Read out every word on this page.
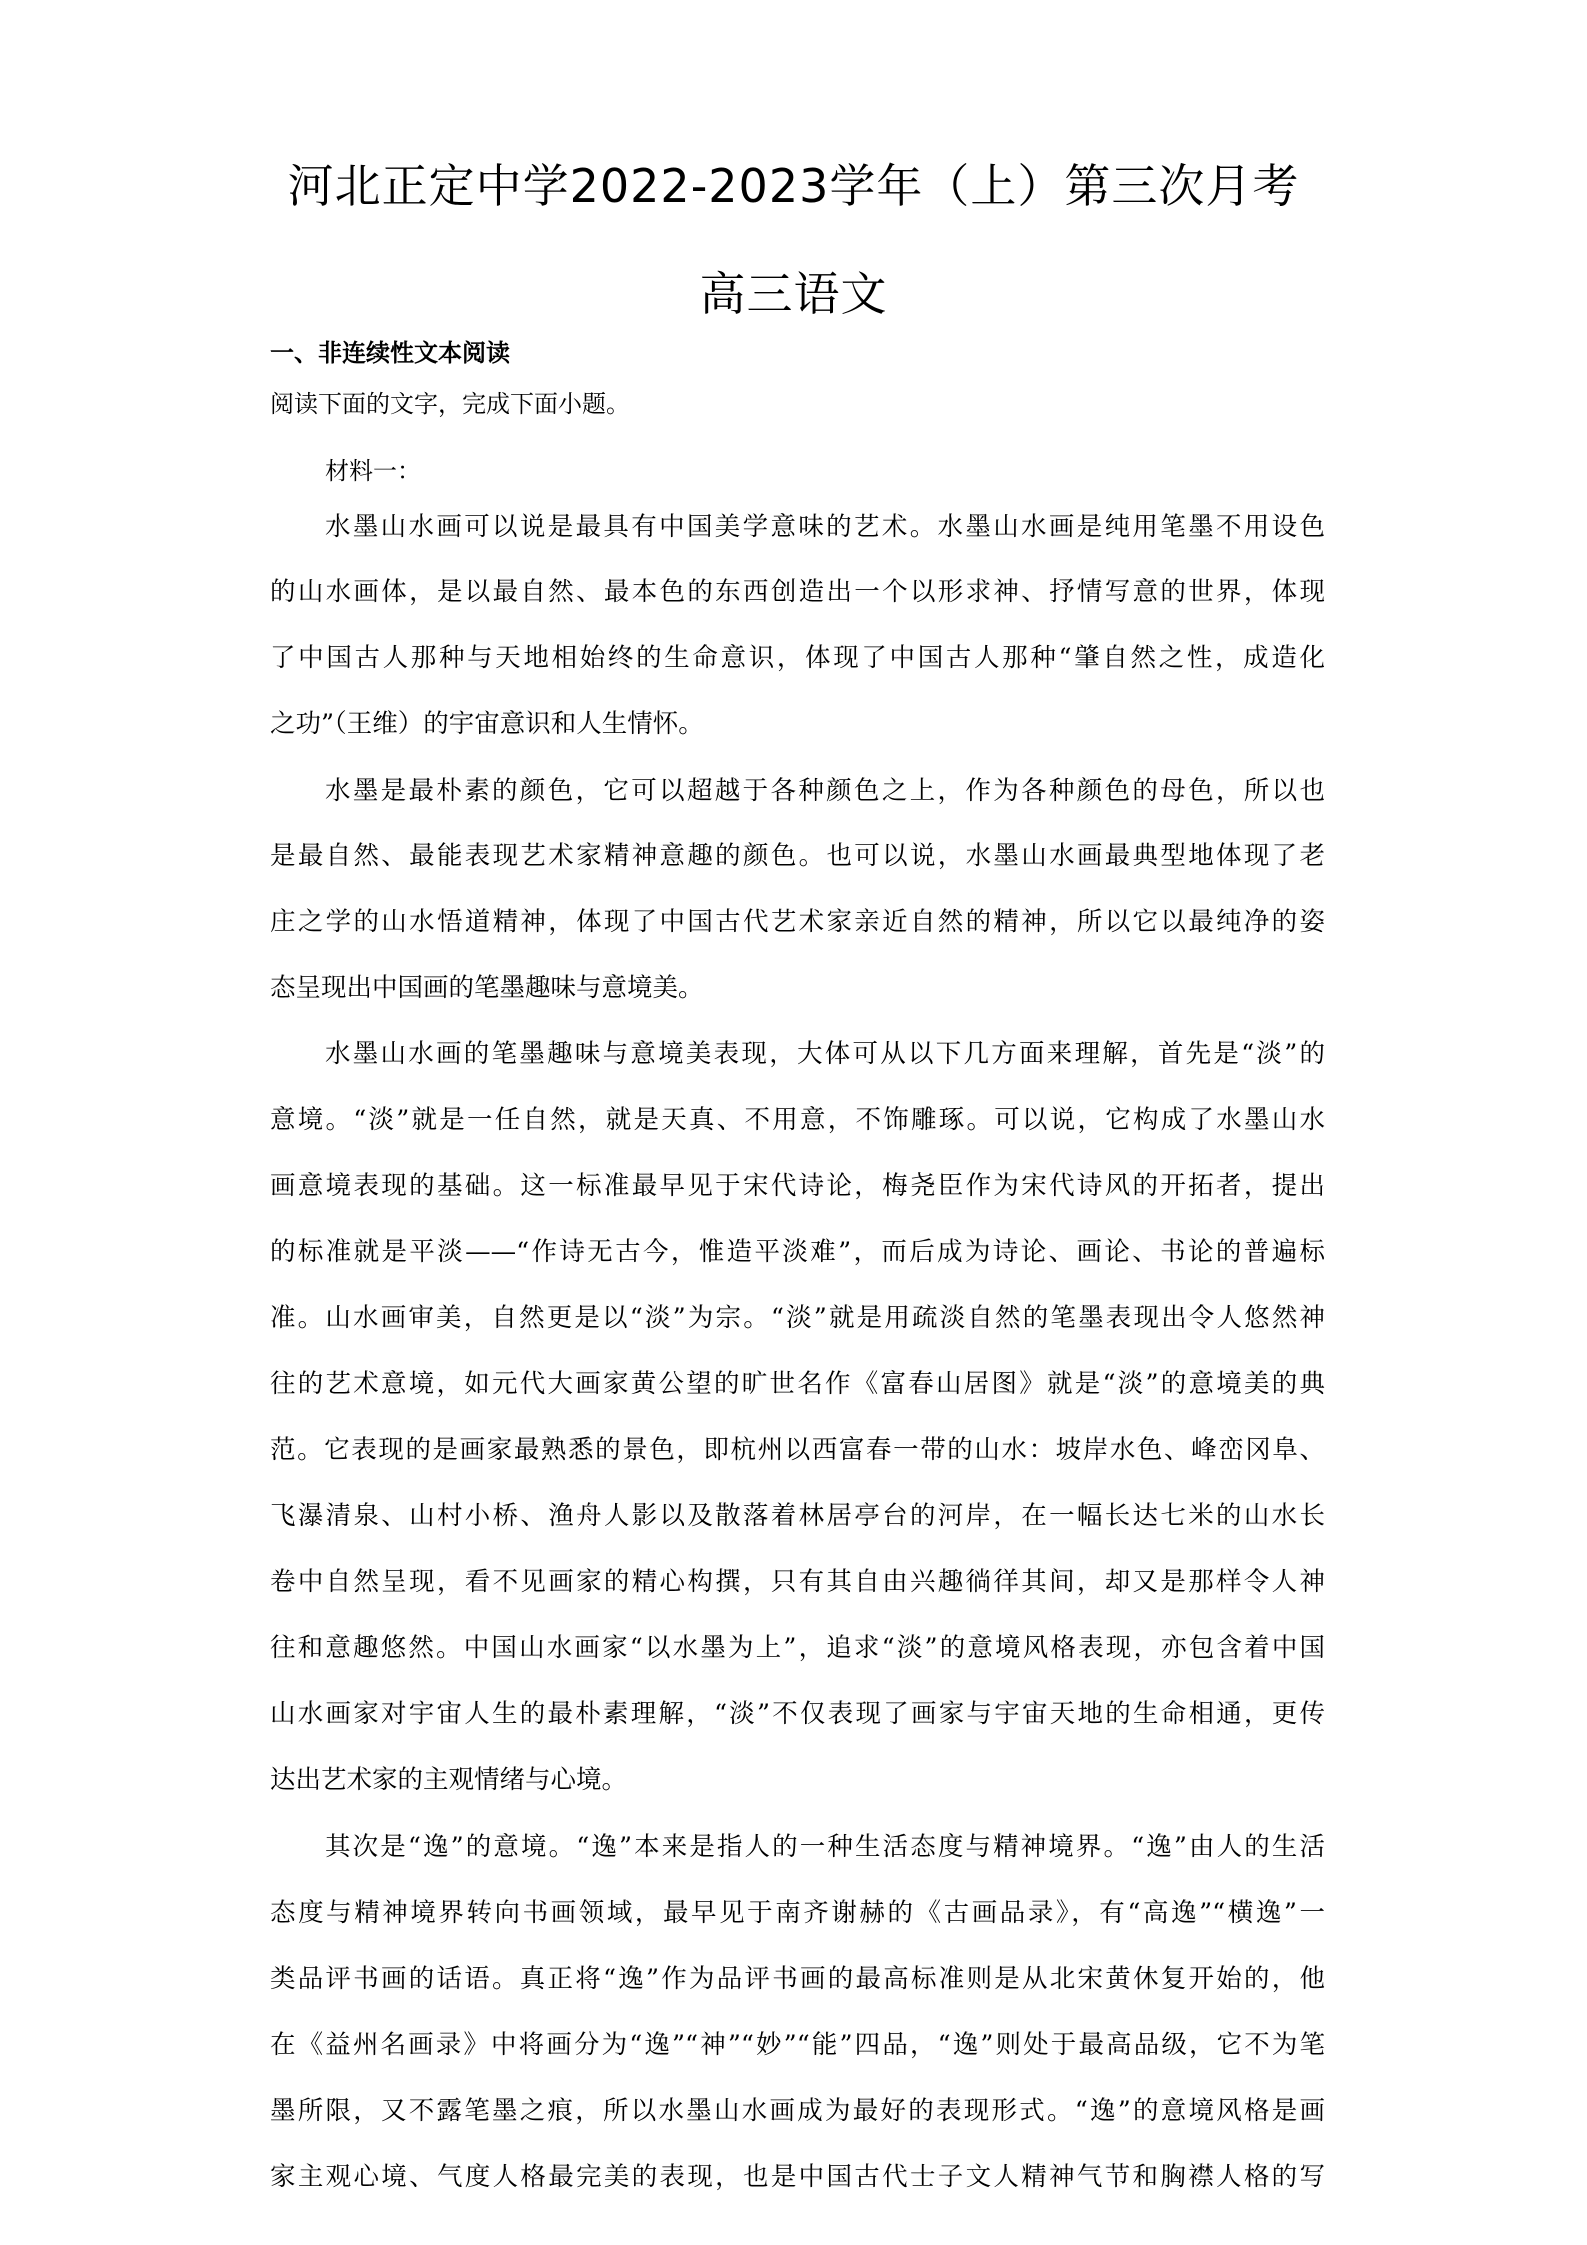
河北正定中学2022-2023学年（上）第三次月考
高三语文
一、非连续性文本阅读
阅读下面的文字，完成下面小题。
材料一：
水墨山水画可以说是最具有中国美学意味的艺术。水墨山水画是纯用笔墨不用设色
的山水画体，是以最自然、最本色的东西创造出一个以形求神、抒情写意的世界，体现
了中国古人那种与天地相始终的生命意识，体现了中国古人那种“肇自然之性，成造化
之功”（王维）的宇宙意识和人生情怀。
水墨是最朴素的颜色，它可以超越于各种颜色之上，作为各种颜色的母色，所以也
是最自然、最能表现艺术家精神意趣的颜色。也可以说，水墨山水画最典型地体现了老
庄之学的山水悟道精神，体现了中国古代艺术家亲近自然的精神，所以它以最纯净的姿
态呈现出中国画的笔墨趣味与意境美。
水墨山水画的笔墨趣味与意境美表现，大体可从以下几方面来理解，首先是“淡”的
意境。“淡”就是一任自然，就是天真、不用意，不饰雕琢。可以说，它构成了水墨山水
画意境表现的基础。这一标准最早见于宋代诗论，梅尧臣作为宋代诗风的开拓者，提出
的标准就是平淡——“作诗无古今，惟造平淡难”，而后成为诗论、画论、书论的普遍标
准。山水画审美，自然更是以“淡”为宗。“淡”就是用疏淡自然的笔墨表现出令人悠然神
往的艺术意境，如元代大画家黄公望的旷世名作《富春山居图》就是“淡”的意境美的典
范。它表现的是画家最熟悉的景色，即杭州以西富春一带的山水：坡岸水色、峰峦冈阜、
飞瀑清泉、山村小桥、渔舟人影以及散落着林居亭台的河岸，在一幅长达七米的山水长
卷中自然呈现，看不见画家的精心构撰，只有其自由兴趣徜徉其间，却又是那样令人神
往和意趣悠然。中国山水画家“以水墨为上”，追求“淡”的意境风格表现，亦包含着中国
山水画家对宇宙人生的最朴素理解，“淡”不仅表现了画家与宇宙天地的生命相通，更传
达出艺术家的主观情绪与心境。
其次是“逸”的意境。“逸”本来是指人的一种生活态度与精神境界。“逸”由人的生活
态度与精神境界转向书画领域，最早见于南齐谢赫的《古画品录》，有“高逸”“横逸”一
类品评书画的话语。真正将“逸”作为品评书画的最高标准则是从北宋黄休复开始的，他
在《益州名画录》中将画分为“逸”“神”“妙”“能”四品，“逸”则处于最高品级，它不为笔
墨所限，又不露笔墨之痕，所以水墨山水画成为最好的表现形式。“逸”的意境风格是画
家主观心境、气度人格最完美的表现，也是中国古代士子文人精神气节和胸襟人格的写
